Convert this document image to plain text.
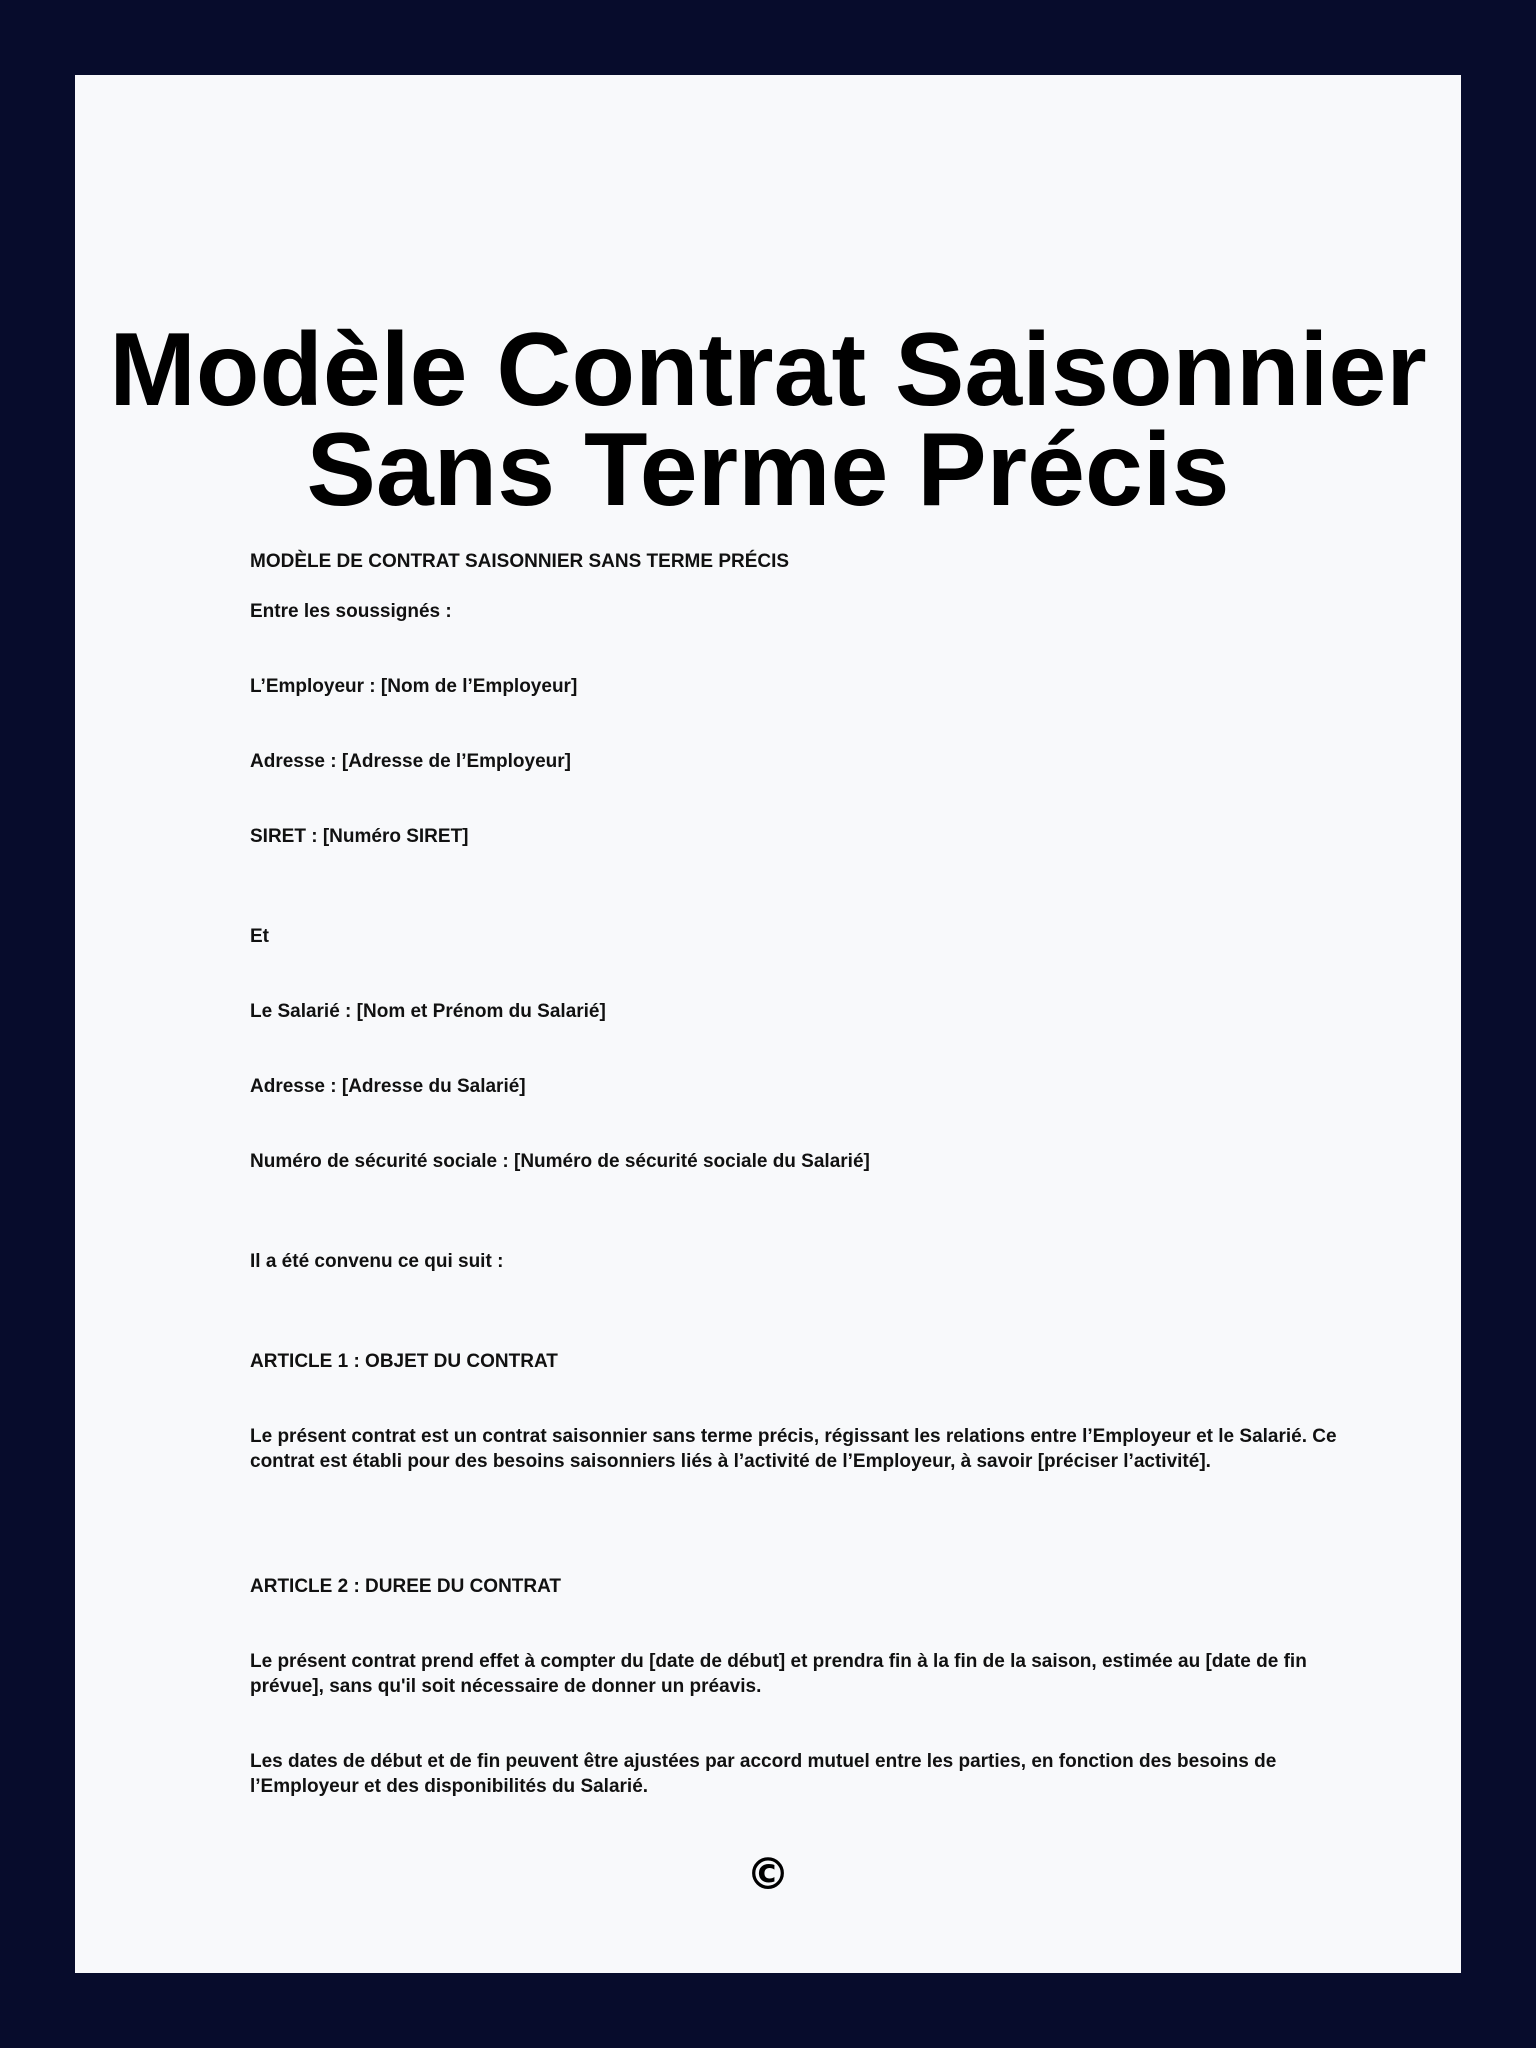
Modèle Contrat Saisonnier
Sans Terme Précis

MODÈLE DE CONTRAT SAISONNIER SANS TERME PRÉCIS

Entre les soussignés :

L’Employeur : [Nom de l’Employeur]

Adresse : [Adresse de l’Employeur]

SIRET : [Numéro SIRET]

Et

Le Salarié : [Nom et Prénom du Salarié]

Adresse : [Adresse du Salarié]

Numéro de sécurité sociale : [Numéro de sécurité sociale du Salarié]

Il a été convenu ce qui suit :

ARTICLE 1 : OBJET DU CONTRAT

Le présent contrat est un contrat saisonnier sans terme précis, régissant les relations entre l’Employeur et le Salarié. Ce contrat est établi pour des besoins saisonniers liés à l’activité de l’Employeur, à savoir [préciser l’activité].

ARTICLE 2 : DUREE DU CONTRAT

Le présent contrat prend effet à compter du [date de début] et prendra fin à la fin de la saison, estimée au [date de fin prévue], sans qu'il soit nécessaire de donner un préavis.

Les dates de début et de fin peuvent être ajustées par accord mutuel entre les parties, en fonction des besoins de l’Employeur et des disponibilités du Salarié.

©
